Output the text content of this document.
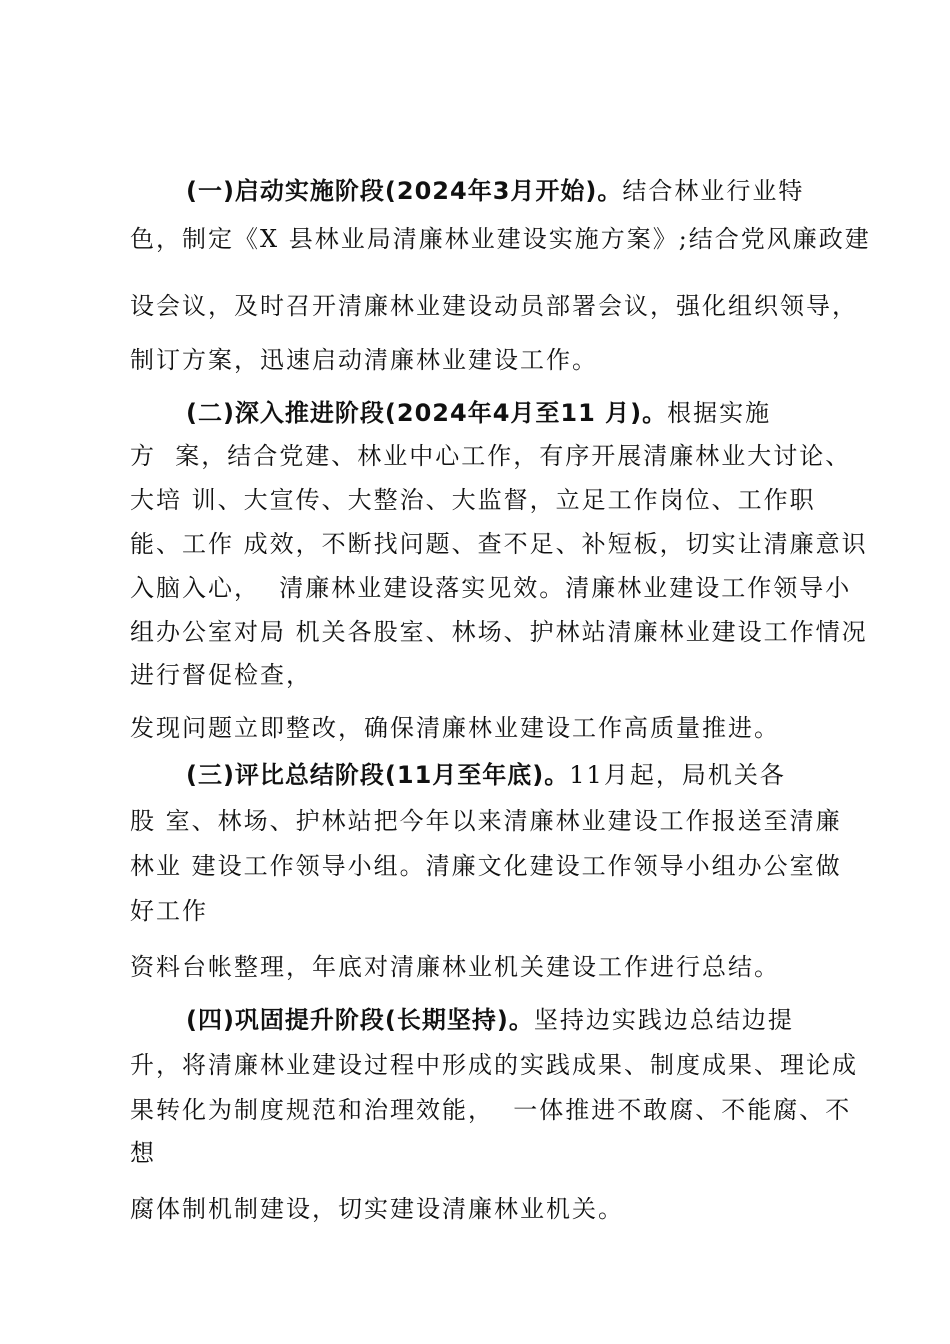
(一)启动实施阶段(2024年3月开始)。结合林业行业特
色，制定《X 县林业局清廉林业建设实施方案》;结合党风廉政建
设会议，及时召开清廉林业建设动员部署会议，强化组织领导，
制订方案，迅速启动清廉林业建设工作。
(二)深入推进阶段(2024年4月至11 月)。根据实施
方  案，结合党建、林业中心工作，有序开展清廉林业大讨论、
大培 训、大宣传、大整治、大监督，立足工作岗位、工作职
能、工作 成效，不断找问题、查不足、补短板，切实让清廉意识
入脑入心，  清廉林业建设落实见效。清廉林业建设工作领导小
组办公室对局 机关各股室、林场、护林站清廉林业建设工作情况
进行督促检查，
发现问题立即整改，确保清廉林业建设工作高质量推进。
(三)评比总结阶段(11月至年底)。11月起，局机关各
股 室、林场、护林站把今年以来清廉林业建设工作报送至清廉
林业 建设工作领导小组。清廉文化建设工作领导小组办公室做
好工作
资料台帐整理，年底对清廉林业机关建设工作进行总结。
(四)巩固提升阶段(长期坚持)。坚持边实践边总结边提
升，将清廉林业建设过程中形成的实践成果、制度成果、理论成
果转化为制度规范和治理效能，  一体推进不敢腐、不能腐、不
想
腐体制机制建设，切实建设清廉林业机关。
